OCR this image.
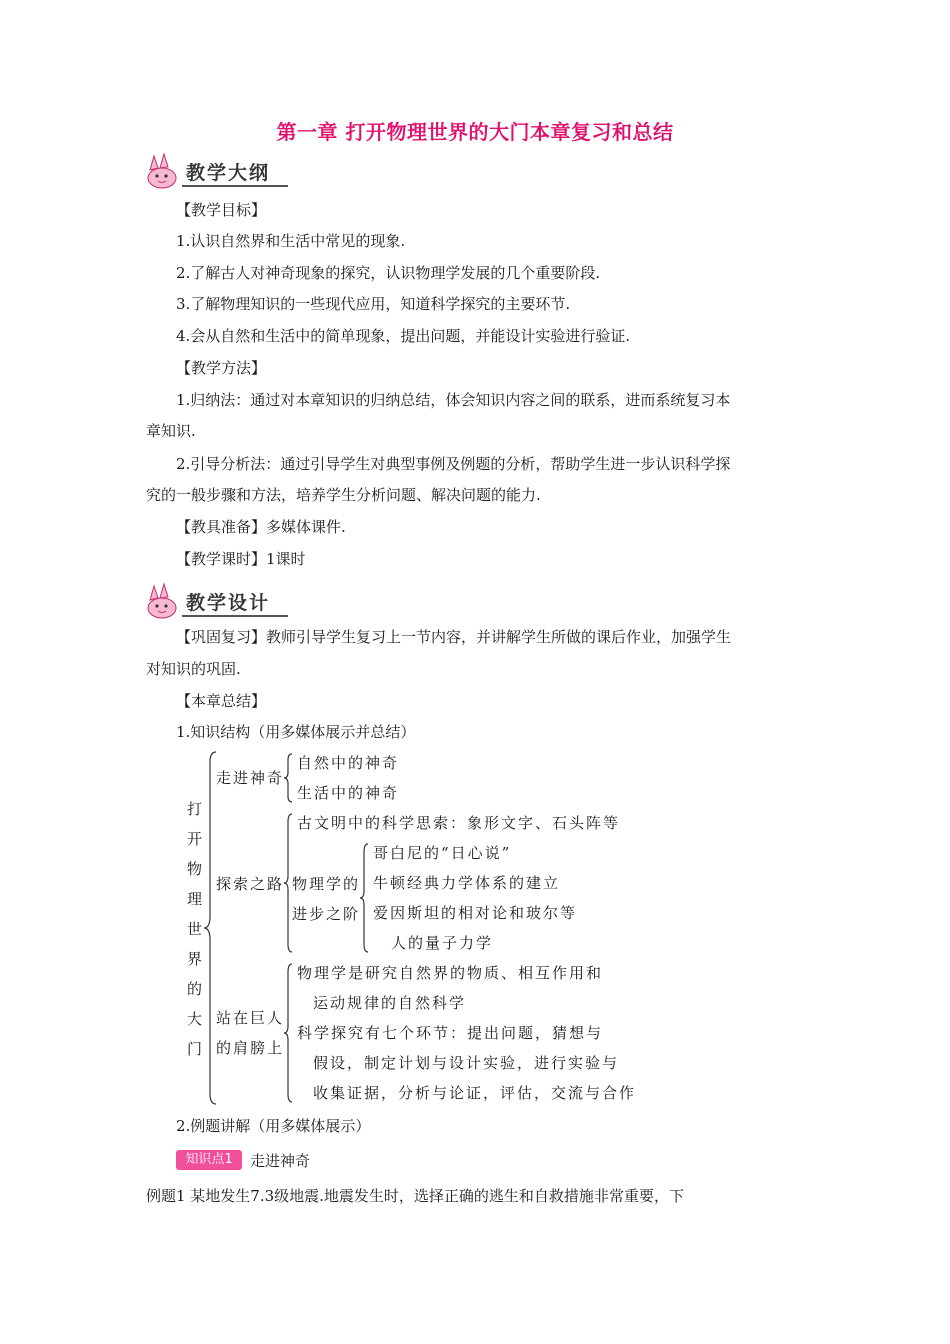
第一章 打开物理世界的大门本章复习和总结
教学大纲
【教学目标】
1.认识自然界和生活中常见的现象.
2.了解古人对神奇现象的探究，认识物理学发展的几个重要阶段.
3.了解物理知识的一些现代应用，知道科学探究的主要环节.
4.会从自然和生活中的简单现象，提出问题，并能设计实验进行验证.
【教学方法】
1.归纳法：通过对本章知识的归纳总结，体会知识内容之间的联系，进而系统复习本
章知识.
2.引导分析法：通过引导学生对典型事例及例题的分析，帮助学生进一步认识科学探
究的一般步骤和方法，培养学生分析问题、解决问题的能力.
【教具准备】多媒体课件.
【教学课时】1课时
教学设计
【巩固复习】教师引导学生复习上一节内容，并讲解学生所做的课后作业，加强学生
对知识的巩固.
【本章总结】
1.知识结构（用多媒体展示并总结）
打
开
物
理
世
界
的
大
门
走进神奇
自然中的神奇
生活中的神奇
探索之路
古文明中的科学思索：象形文字、石头阵等
物理学的
进步之阶
哥白尼的“日心说”
牛顿经典力学体系的建立
爱因斯坦的相对论和玻尔等
人的量子力学
站在巨人
的肩膀上
物理学是研究自然界的物质、相互作用和
运动规律的自然科学
科学探究有七个环节：提出问题，猜想与
假设，制定计划与设计实验，进行实验与
收集证据，分析与论证，评估，交流与合作
2.例题讲解（用多媒体展示）
知识点1	走进神奇
例题1 某地发生7.3级地震.地震发生时，选择正确的逃生和自救措施非常重要，下
